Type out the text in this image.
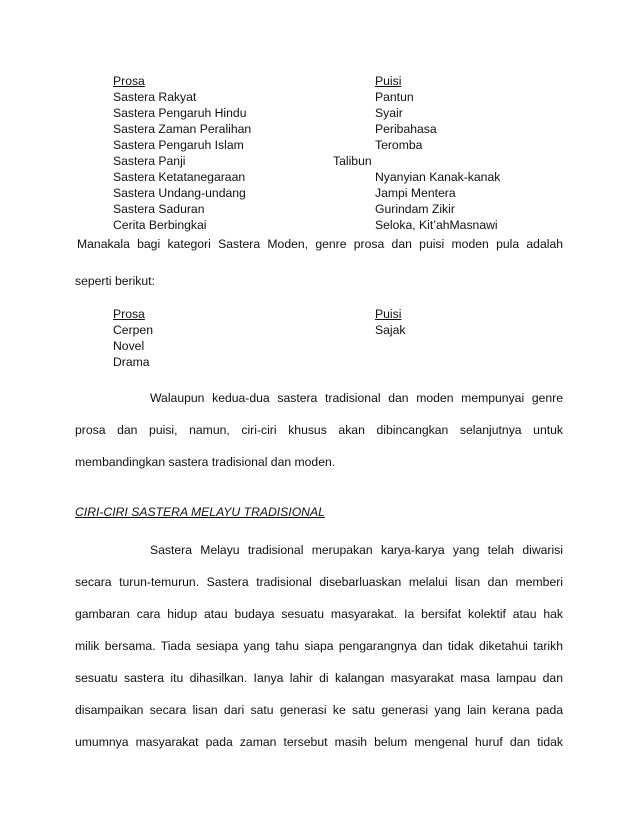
Prosa	Puisi
Sastera Rakyat
Sastera Pengaruh Hindu
Sastera Zaman Peralihan
Sastera Pengaruh Islam
Sastera Panji
Sastera Ketatanegaraan
Sastera Undang-undang
Sastera Saduran
Cerita Berbingkai
Pantun
Syair
Peribahasa
Teromba
Talibun
Nyanyian Kanak-kanak
Jampi Mentera
Gurindam Zikir
Seloka, Kit’ahMasnawi
Manakala bagi kategori Sastera Moden, genre prosa dan puisi moden pula adalah
seperti berikut:
Prosa	Puisi
Cerpen
Novel
Drama
Sajak
Walaupun kedua-dua sastera tradisional dan moden mempunyai genre
prosa dan puisi, namun, ciri-ciri khusus akan dibincangkan selanjutnya untuk
membandingkan sastera tradisional dan moden.
CIRI-CIRI SASTERA MELAYU TRADISIONAL
Sastera Melayu tradisional merupakan karya-karya yang telah diwarisi
secara turun-temurun. Sastera tradisional disebarluaskan melalui lisan dan memberi
gambaran cara hidup atau budaya sesuatu masyarakat. Ia bersifat kolektif atau hak
milik bersama. Tiada sesiapa yang tahu siapa pengarangnya dan tidak diketahui tarikh
sesuatu sastera itu dihasilkan. Ianya lahir di kalangan masyarakat masa lampau dan
disampaikan secara lisan dari satu generasi ke satu generasi yang lain kerana pada
umumnya masyarakat pada zaman tersebut masih belum mengenal huruf dan tidak
